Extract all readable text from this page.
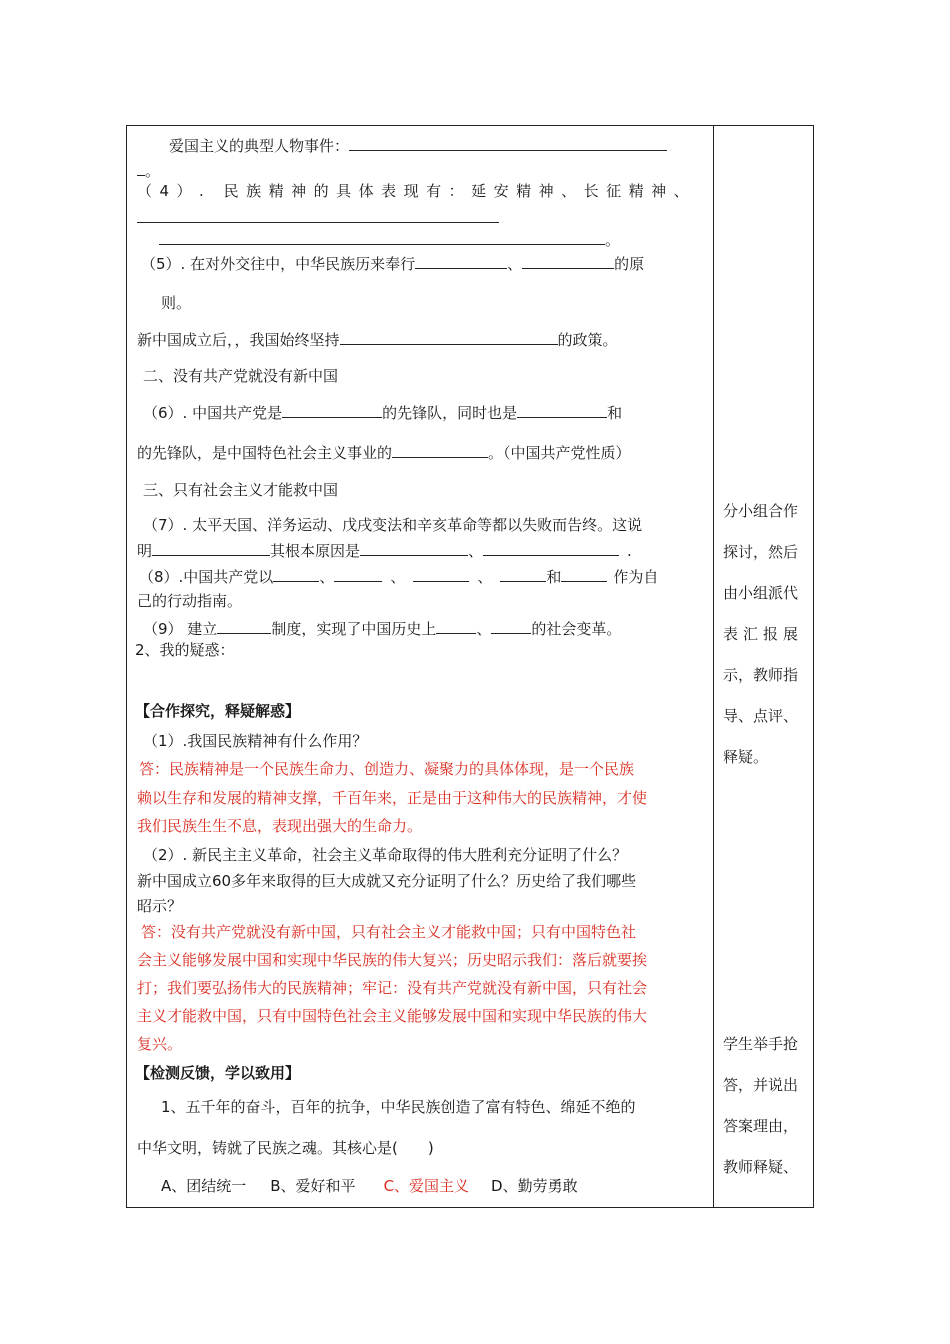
爱国主义的典型人物事件：
。
（4）. 民族精神的具体表现有：延安精神、长征精神、
。
（5）. 在对外交往中，中华民族历来奉行	、	的原
则。
新中国成立后，，我国始终坚持	的政策。
二、没有共产党就没有新中国
（6）. 中国共产党是	的先锋队，同时也是	和
的先锋队，是中国特色社会主义事业的	。（中国共产党性质）
三、只有社会主义才能救中国
（7）. 太平天国、洋务运动、戊戌变法和辛亥革命等都以失败而告终。这说
明	其根本原因是	、	.
（8）.中国共产党以	、	、	、	和	作为自
己的行动指南。
（9） 建立	制度，实现了中国历史上	、	的社会变革。
2、我的疑惑：
【合作探究，释疑解惑】
（1）.我国民族精神有什么作用？
答：民族精神是一个民族生命力、创造力、凝聚力的具体体现，是一个民族
赖以生存和发展的精神支撑，千百年来，正是由于这种伟大的民族精神，才使
我们民族生生不息，表现出强大的生命力。
（2）. 新民主主义革命，社会主义革命取得的伟大胜利充分证明了什么？
新中国成立60多年来取得的巨大成就又充分证明了什么？历史给了我们哪些
昭示？
答：没有共产党就没有新中国，只有社会主义才能救中国；只有中国特色社
会主义能够发展中国和实现中华民族的伟大复兴；历史昭示我们：落后就要挨
打；我们要弘扬伟大的民族精神；牢记：没有共产党就没有新中国，只有社会
主义才能救中国，只有中国特色社会主义能够发展中国和实现中华民族的伟大
复兴。
【检测反馈，学以致用】
1、五千年的奋斗，百年的抗争，中华民族创造了富有特色、绵延不绝的
中华文明，铸就了民族之魂。其核心是(　　)
A、团结统一 B、爱好和平 C、爱国主义 D、勤劳勇敢
分小组合作
探讨，然后
由小组派代
表汇报展
示，教师指
导、点评、
释疑。
学生举手抢
答，并说出
答案理由，
教师释疑、
